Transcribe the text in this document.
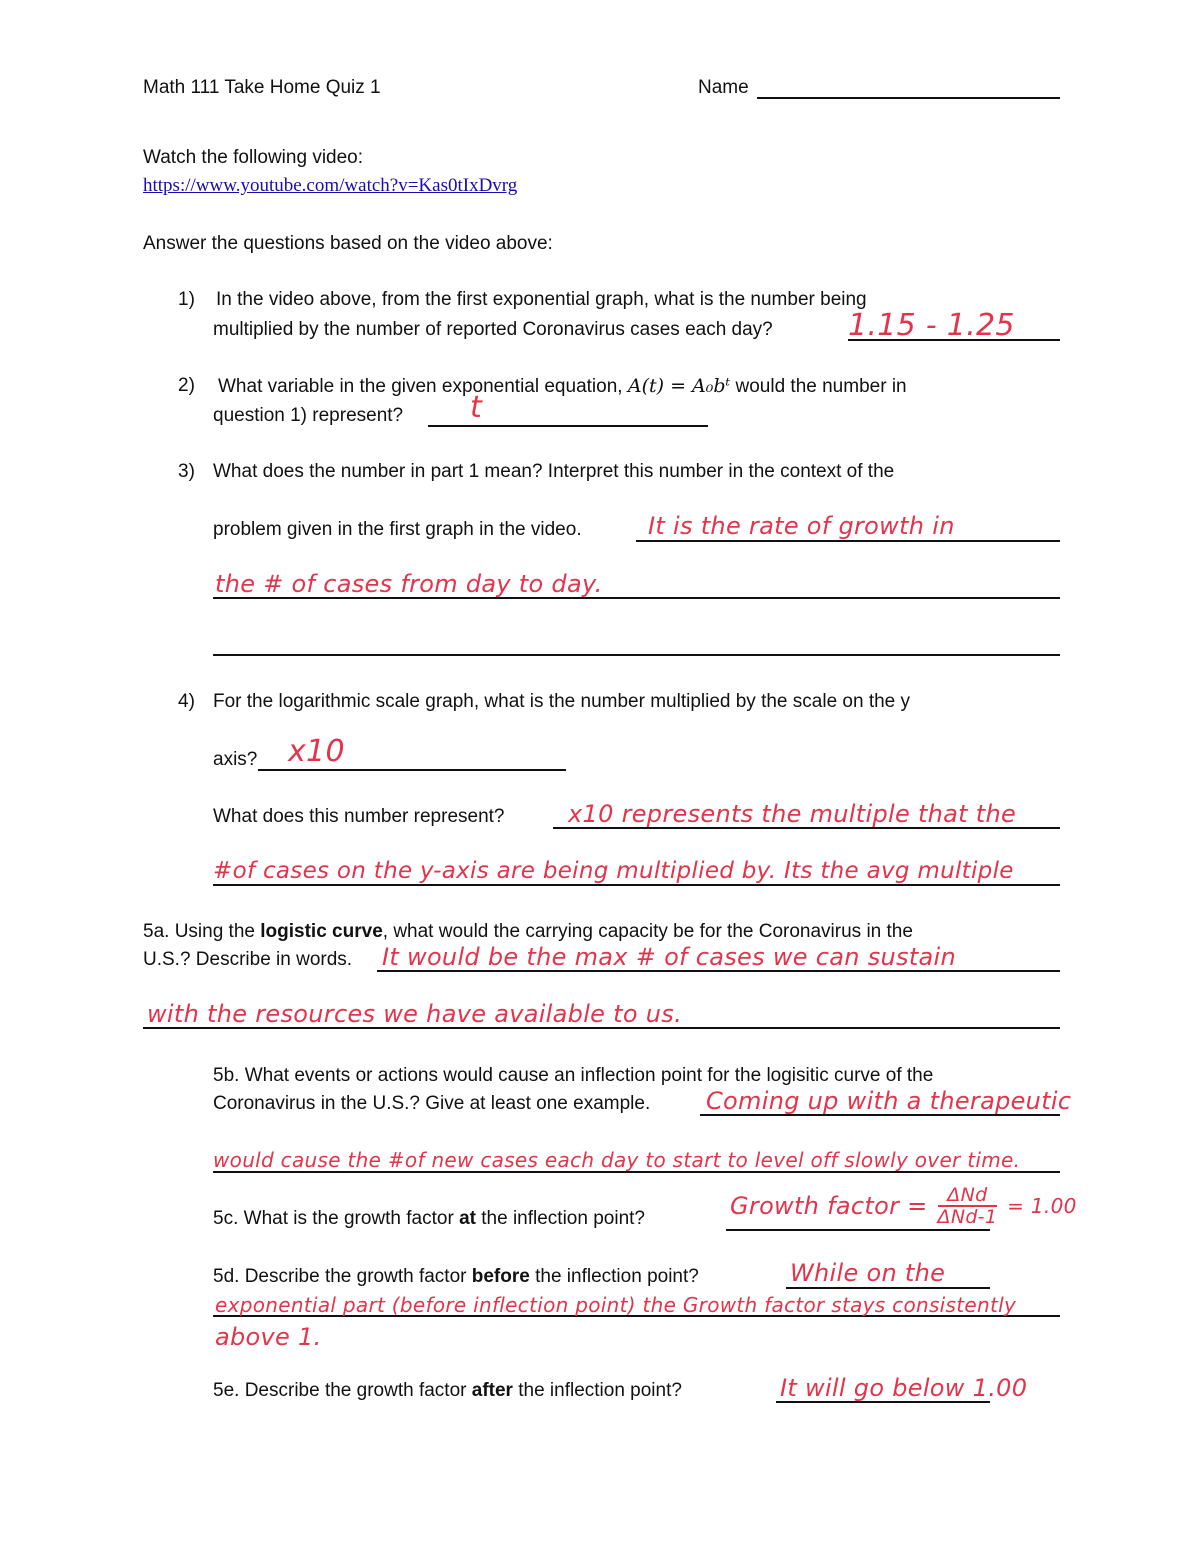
Math 111 Take Home Quiz 1	Name
Watch the following video:
https://www.youtube.com/watch?v=Kas0tIxDvrg
Answer the questions based on the video above:
1) In the video above, from the first exponential graph, what is the number being
multiplied by the number of reported Coronavirus cases each day?	1.15 - 1.25
2) What variable in the given exponential equation, A(t) = A₀bᵗ would the number in
question 1) represent? t
3) What does the number in part 1 mean? Interpret this number in the context of the
problem given in the first graph in the video.	It is the rate of growth in
the # of cases from day to day.
4) For the logarithmic scale graph, what is the number multiplied by the scale on the y
axis? x10
What does this number represent?	x10 represents the multiple that the
#of cases on the y-axis are being multiplied by. Its the avg multiple
5a. Using the logistic curve, what would the carrying capacity be for the Coronavirus in the
U.S.? Describe in words. It would be the max # of cases we can sustain
with the resources we have available to us.
5b. What events or actions would cause an inflection point for the logisitic curve of the
Coronavirus in the U.S.? Give at least one example. Coming up with a therapeutic
would cause the #of new cases each day to start to level off slowly over time.
5c. What is the growth factor at the inflection point?	Growth factor = $\frac{\text{ΔNd}}{\text{ΔNd-1}} = 1.00$
5d. Describe the growth factor before the inflection point?	While on the
exponential part (before inflection point) the Growth factor stays consistently
above 1.
5e. Describe the growth factor after the inflection point?	It will go below 1.00
